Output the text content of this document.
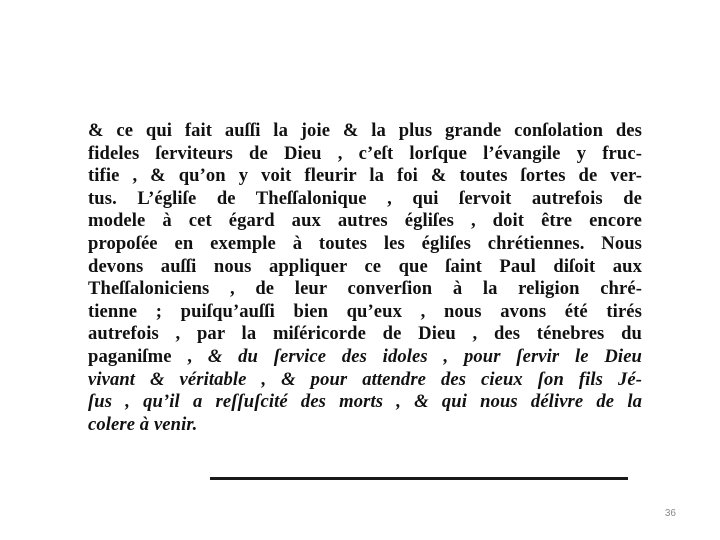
& ce qui fait auſſi la joie & la plus grande conſolation des
fideles ſerviteurs de Dieu , c’eſt lorſque l’évangile y fruc-
tifie , & qu’on y voit fleurir la foi & toutes ſortes de ver-
tus. L’égliſe de Theſſalonique , qui ſervoit autrefois de
modele à cet égard aux autres égliſes , doit être encore
propoſée en exemple à toutes les égliſes chrétiennes. Nous
devons auſſi nous appliquer ce que ſaint Paul diſoit aux
Theſſaloniciens , de leur converſion à la religion chré-
tienne ; puiſqu’auſſi bien qu’eux , nous avons été tirés
autrefois , par la miſéricorde de Dieu , des ténebres du
paganiſme , & du ſervice des idoles , pour ſervir le Dieu
vivant & véritable , & pour attendre des cieux ſon fils Jé-
ſus , qu’il a reſſuſcité des morts , & qui nous délivre de la
colere à venir.

36
